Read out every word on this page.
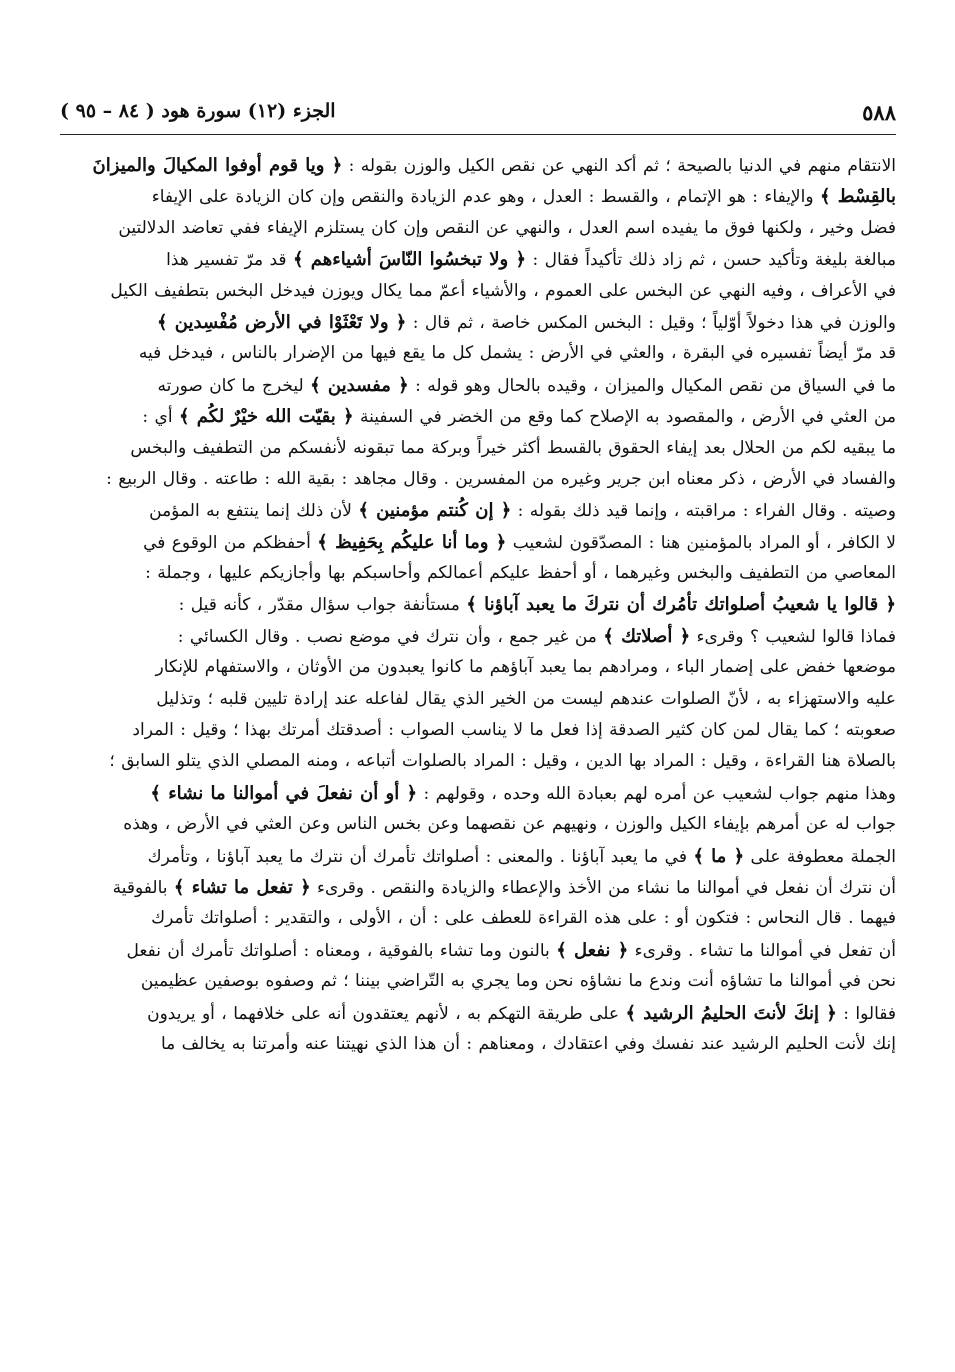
٥٨٨
الجزء (١٢) سورة هود ( ٨٤ – ٩٥ )
الانتقام منهم في الدنيا بالصيحة ؛ ثم أكد النهي عن نقص الكيل والوزن بقوله : ﴿ ويا قوم أوفوا المكيالَ والميزانَ
بالقِسْط ﴾ والإيفاء : هو الإتمام ، والقسط : العدل ، وهو عدم الزيادة والنقص وإن كان الزيادة على الإيفاء
فضل وخير ، ولكنها فوق ما يفيده اسم العدل ، والنهي عن النقص وإن كان يستلزم الإيفاء ففي تعاضد الدلالتين
مبالغة بليغة وتأكيد حسن ، ثم زاد ذلك تأكيداً فقال : ﴿ ولا تبخسُوا النّاسَ أشياءهم ﴾ قد مرّ تفسير هذا
في الأعراف ، وفيه النهي عن البخس على العموم ، والأشياء أعمّ مما يكال ويوزن فيدخل البخس بتطفيف الكيل
والوزن في هذا دخولاً أوّلياً ؛ وقيل : البخس المكس خاصة ، ثم قال : ﴿ ولا تَعْثَوْا في الأرض مُفْسِدين ﴾
قد مرّ أيضاً تفسيره في البقرة ، والعثي في الأرض : يشمل كل ما يقع فيها من الإضرار بالناس ، فيدخل فيه
ما في السياق من نقص المكيال والميزان ، وقيده بالحال وهو قوله : ﴿ مفسدين ﴾ ليخرج ما كان صورته
من العثي في الأرض ، والمقصود به الإصلاح كما وقع من الخضر في السفينة ﴿ بقيّت الله خيْرٌ لكُم ﴾ أي :
ما يبقيه لكم من الحلال بعد إيفاء الحقوق بالقسط أكثر خيراً وبركة مما تبقونه لأنفسكم من التطفيف والبخس
والفساد في الأرض ، ذكر معناه ابن جرير وغيره من المفسرين . وقال مجاهد : بقية الله : طاعته . وقال الربيع :
وصيته . وقال الفراء : مراقبته ، وإنما قيد ذلك بقوله : ﴿ إن كُنتم مؤمنين ﴾ لأن ذلك إنما ينتفع به المؤمن
لا الكافر ، أو المراد بالمؤمنين هنا : المصدّقون لشعيب ﴿ وما أنا عليكُم بِحَفِيظ ﴾ أحفظكم من الوقوع في
المعاصي من التطفيف والبخس وغيرهما ، أو أحفظ عليكم أعمالكم وأحاسبكم بها وأجازيكم عليها ، وجملة :
﴿ قالوا يا شعيبُ أصلواتك تأمُرك أن نتركَ ما يعبد آباؤنا ﴾ مستأنفة جواب سؤال مقدّر ، كأنه قيل :
فماذا قالوا لشعيب ؟ وقرىء ﴿ أصلاتك ﴾ من غير جمع ، وأن نترك في موضع نصب . وقال الكسائي :
موضعها خفض على إضمار الباء ، ومرادهم بما يعبد آباؤهم ما كانوا يعبدون من الأوثان ، والاستفهام للإنكار
عليه والاستهزاء به ، لأنّ الصلوات عندهم ليست من الخير الذي يقال لفاعله عند إرادة تليين قلبه ؛ وتذليل
صعوبته ؛ كما يقال لمن كان كثير الصدقة إذا فعل ما لا يناسب الصواب : أصدقتك أمرتك بهذا ؛ وقيل : المراد
بالصلاة هنا القراءة ، وقيل : المراد بها الدين ، وقيل : المراد بالصلوات أتباعه ، ومنه المصلي الذي يتلو السابق ؛
وهذا منهم جواب لشعيب عن أمره لهم بعبادة الله وحده ، وقولهم : ﴿ أو أن نفعلَ في أموالنا ما نشاء ﴾
جواب له عن أمرهم بإيفاء الكيل والوزن ، ونهيهم عن نقصهما وعن بخس الناس وعن العثي في الأرض ، وهذه
الجملة معطوفة على ﴿ ما ﴾ في ما يعبد آباؤنا . والمعنى : أصلواتك تأمرك أن نترك ما يعبد آباؤنا ، وتأمرك
أن نترك أن نفعل في أموالنا ما نشاء من الأخذ والإعطاء والزيادة والنقص . وقرىء ﴿ تفعل ما تشاء ﴾ بالفوقية
فيهما . قال النحاس : فتكون أو : على هذه القراءة للعطف على : أن ، الأولى ، والتقدير : أصلواتك تأمرك
أن تفعل في أموالنا ما تشاء . وقرىء ﴿ نفعل ﴾ بالنون وما تشاء بالفوقية ، ومعناه : أصلواتك تأمرك أن نفعل
نحن في أموالنا ما تشاؤه أنت وندع ما نشاؤه نحن وما يجري به التّراضي بيننا ؛ ثم وصفوه بوصفين عظيمين
فقالوا : ﴿ إنكَ لأنتَ الحليمُ الرشيد ﴾ على طريقة التهكم به ، لأنهم يعتقدون أنه على خلافهما ، أو يريدون
إنك لأنت الحليم الرشيد عند نفسك وفي اعتقادك ، ومعناهم : أن هذا الذي نهيتنا عنه وأمرتنا به يخالف ما
